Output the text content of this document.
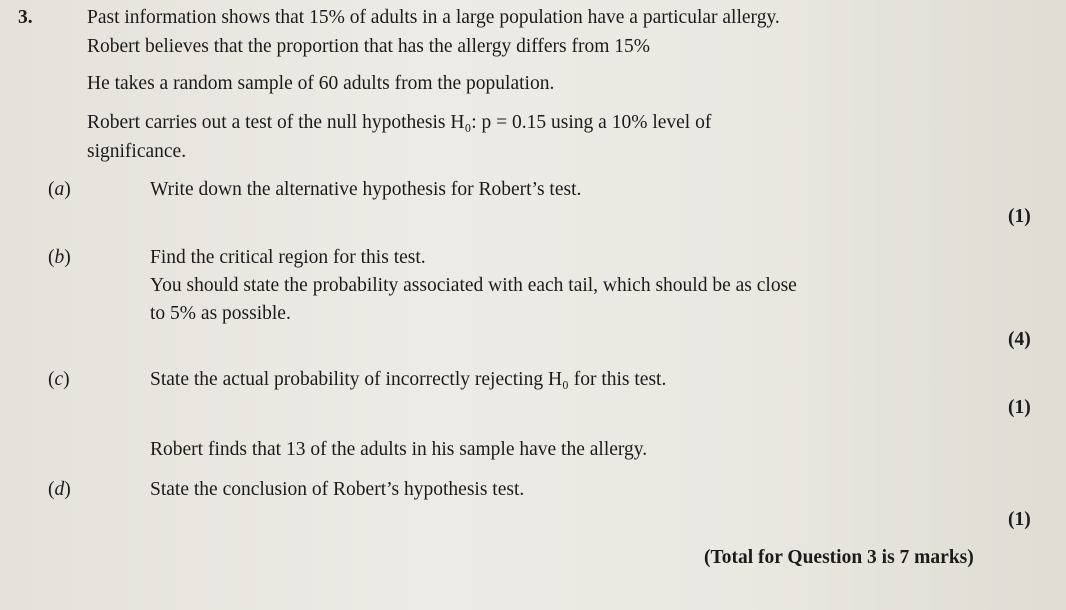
3.	Past information shows that 15% of adults in a large population have a particular allergy.
Robert believes that the proportion that has the allergy differs from 15%
He takes a random sample of 60 adults from the population.
Robert carries out a test of the null hypothesis H₀: p = 0.15 using a 10% level of
significance.
(a)	Write down the alternative hypothesis for Robert’s test.
(1)
(b)	Find the critical region for this test.
You should state the probability associated with each tail, which should be as close
to 5% as possible.
(4)
(c)	State the actual probability of incorrectly rejecting H₀ for this test.
(1)
Robert finds that 13 of the adults in his sample have the allergy.
(d)	State the conclusion of Robert’s hypothesis test.
(1)
(Total for Question 3 is 7 marks)
